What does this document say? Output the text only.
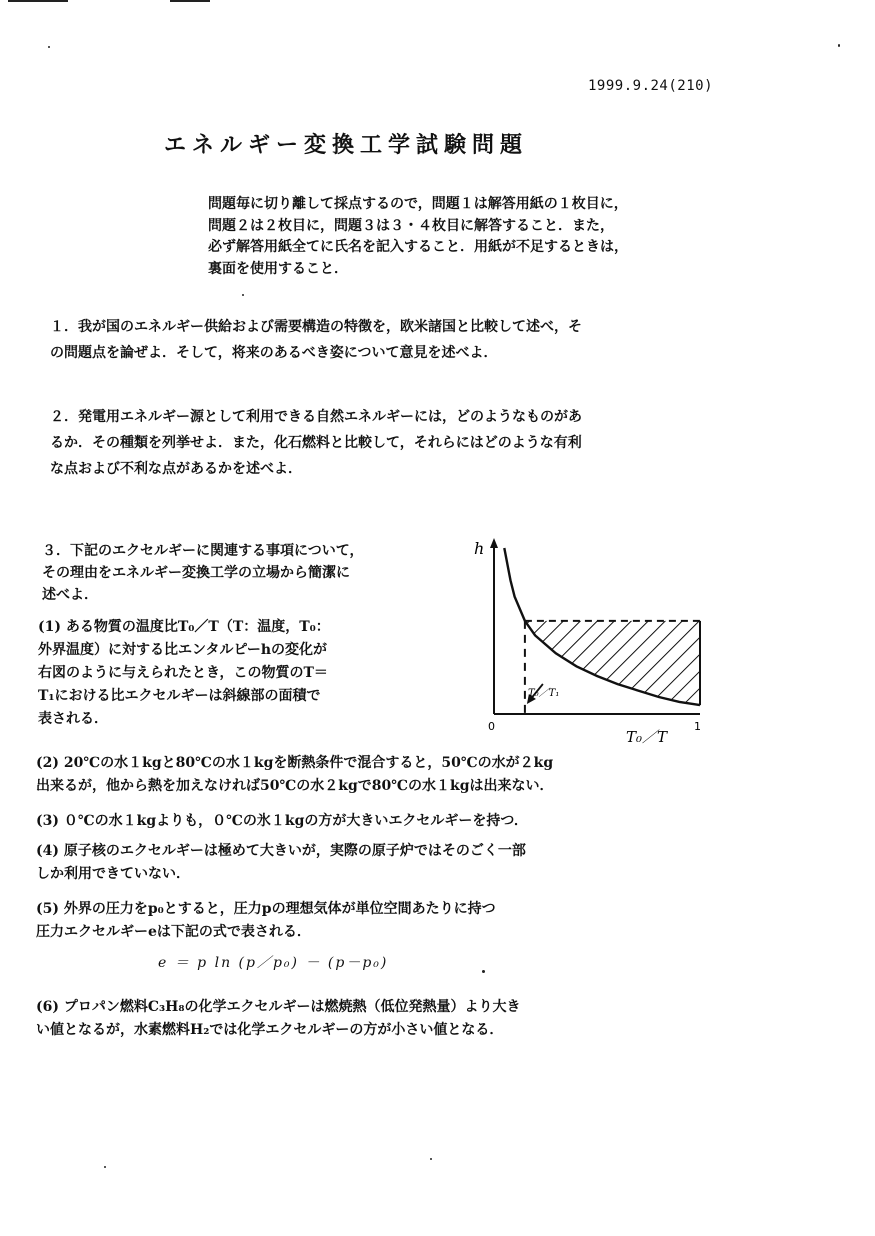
1999.9.24(210)
エネルギー変換工学試験問題
問題毎に切り離して採点するので，問題１は解答用紙の１枚目に，
問題２は２枚目に，問題３は３・４枚目に解答すること．また，
必ず解答用紙全てに氏名を記入すること．用紙が不足するときは，
裏面を使用すること．
１．我が国のエネルギー供給および需要構造の特徴を，欧米諸国と比較して述べ，そ
の問題点を論ぜよ．そして，将来のあるべき姿について意見を述べよ．
２．発電用エネルギー源として利用できる自然エネルギーには，どのようなものがあ
るか．その種類を列挙せよ．また，化石燃料と比較して，それらにはどのような有利
な点および不利な点があるかを述べよ．
３．下記のエクセルギーに関連する事項について，
その理由をエネルギー変換工学の立場から簡潔に
述べよ．
(1) ある物質の温度比T₀／T（T：温度，T₀：
外界温度）に対する比エンタルピーhの変化が
右図のように与えられたとき，この物質のT＝
T₁における比エクセルギーは斜線部の面積で
表される．
h
0	1
T₀／T
T₀／T₁
(2) 20℃の水１kgと80℃の水１kgを断熱条件で混合すると，50℃の水が２kg
出来るが，他から熱を加えなければ50℃の水２kgで80℃の水１kgは出来ない．
(3) ０℃の水１kgよりも，０℃の氷１kgの方が大きいエクセルギーを持つ．
(4) 原子核のエクセルギーは極めて大きいが，実際の原子炉ではそのごく一部
しか利用できていない．
(5) 外界の圧力をp₀とすると，圧力pの理想気体が単位空間あたりに持つ
圧力エクセルギーeは下記の式で表される．
e ＝ p ln (p／p₀) － (p－p₀)
(6) プロパン燃料C₃H₈の化学エクセルギーは燃焼熱（低位発熱量）より大き
い値となるが，水素燃料H₂では化学エクセルギーの方が小さい値となる．
